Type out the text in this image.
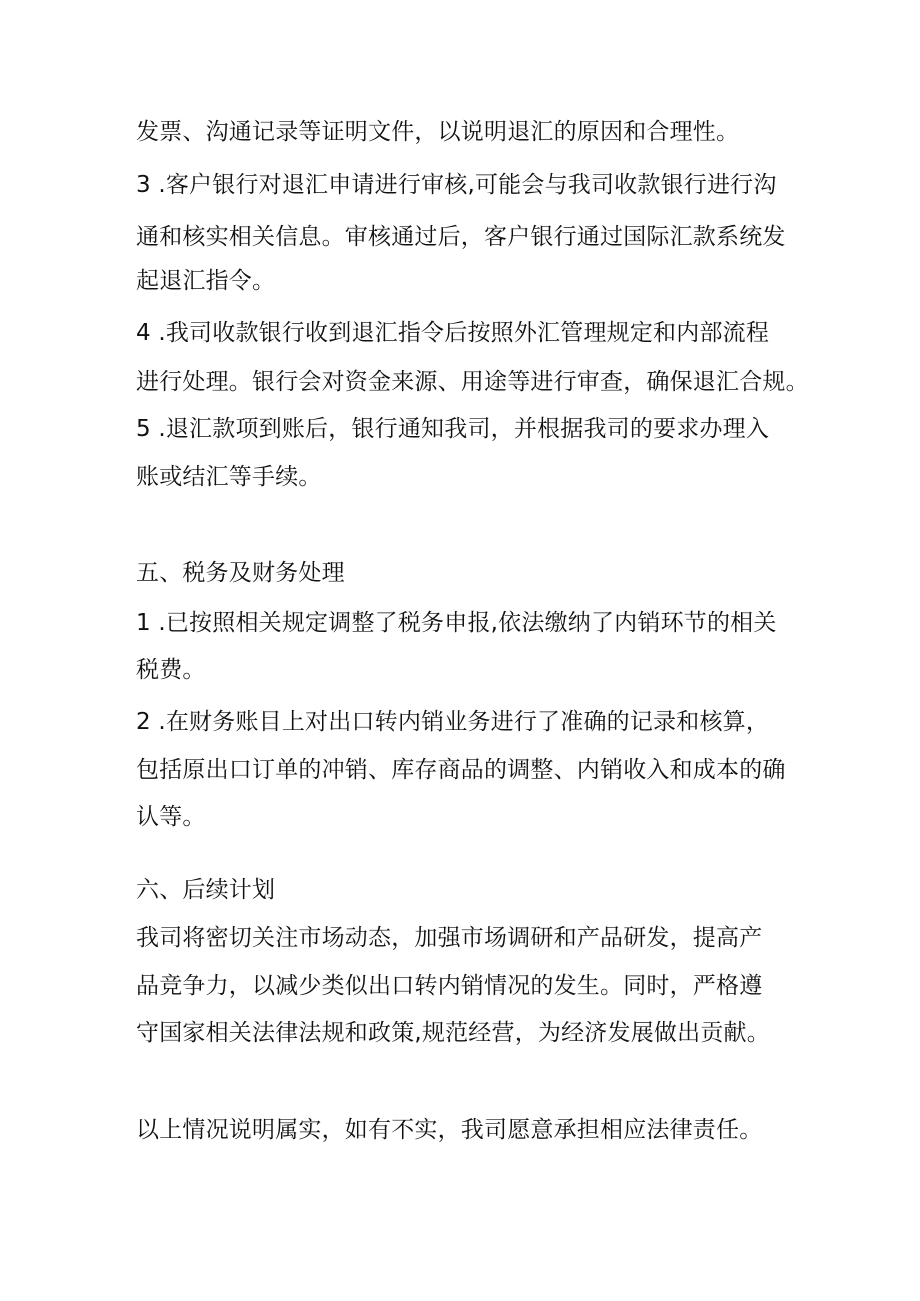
发票、沟通记录等证明文件，以说明退汇的原因和合理性。
3 .客户银行对退汇申请进行审核,可能会与我司收款银行进行沟
通和核实相关信息。审核通过后，客户银行通过国际汇款系统发
起退汇指令。
4 .我司收款银行收到退汇指令后按照外汇管理规定和内部流程
进行处理。银行会对资金来源、用途等进行审查，确保退汇合规。
5 .退汇款项到账后，银行通知我司，并根据我司的要求办理入
账或结汇等手续。
五、税务及财务处理
1 .已按照相关规定调整了税务申报,依法缴纳了内销环节的相关
税费。
2 .在财务账目上对出口转内销业务进行了准确的记录和核算，
包括原出口订单的冲销、库存商品的调整、内销收入和成本的确
认等。
六、后续计划
我司将密切关注市场动态，加强市场调研和产品研发，提高产
品竞争力，以减少类似出口转内销情况的发生。同时，严格遵
守国家相关法律法规和政策,规范经营，为经济发展做出贡献。
以上情况说明属实，如有不实，我司愿意承担相应法律责任。
